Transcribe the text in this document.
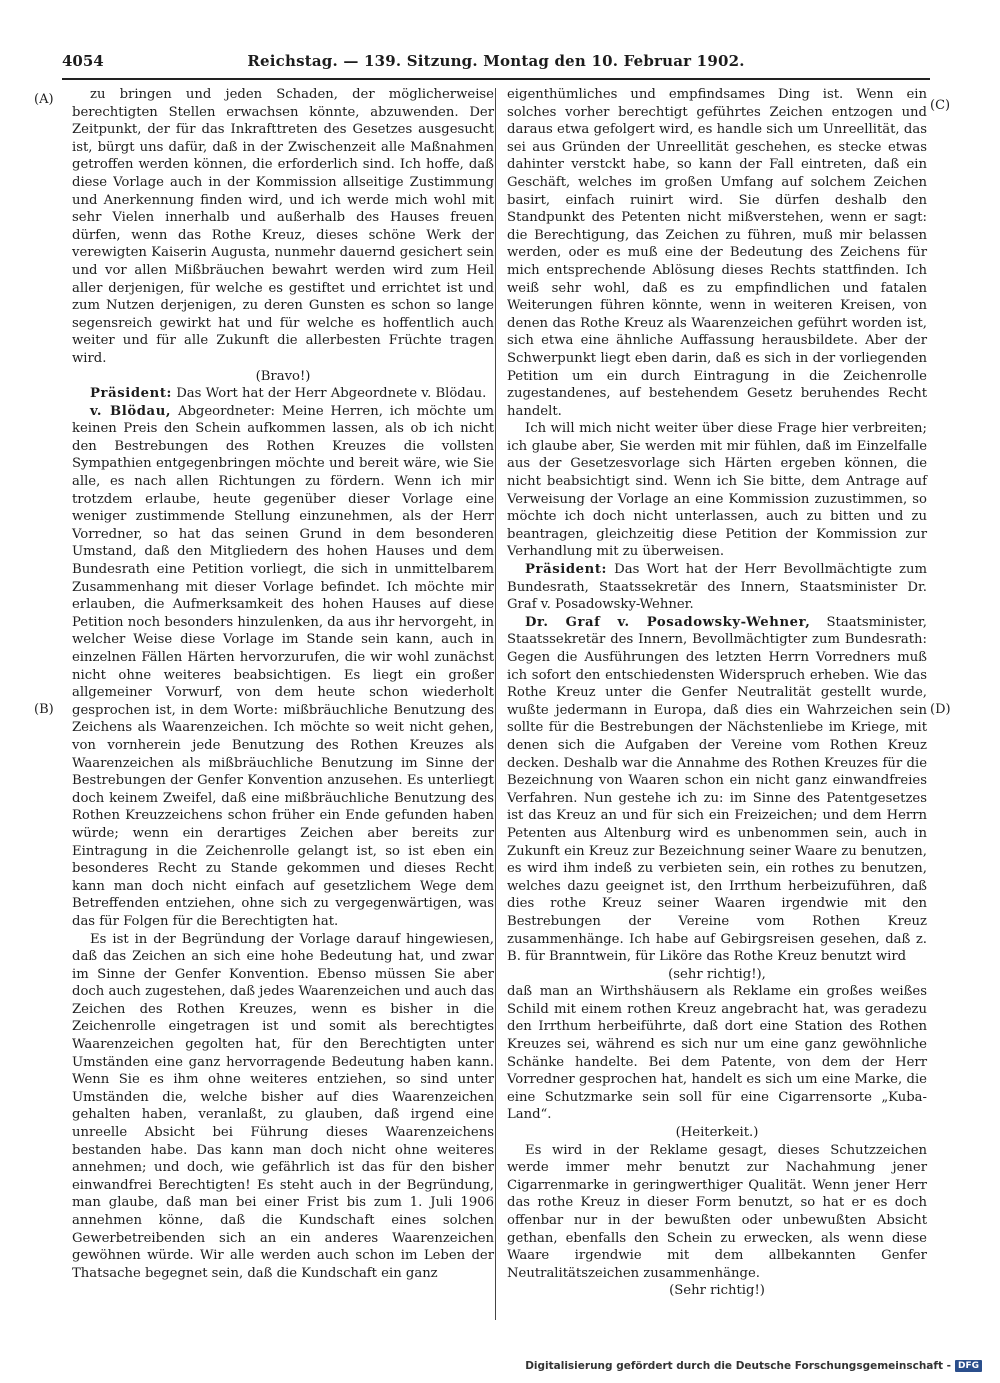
4054	Reichstag. — 139. Sitzung. Montag den 10. Februar 1902.
(A)
(B)
(C)
(D)

zu bringen und jeden Schaden, der möglicherweise berechtigten Stellen erwachsen könnte, abzuwenden. Der Zeitpunkt, der für das Inkrafttreten des Gesetzes ausgesucht ist, bürgt uns dafür, daß in der Zwischenzeit alle Maßnahmen getroffen werden können, die erforderlich sind. Ich hoffe, daß diese Vorlage auch in der Kommission allseitige Zustimmung und Anerkennung finden wird, und ich werde mich wohl mit sehr Vielen innerhalb und außerhalb des Hauses freuen dürfen, wenn das Rothe Kreuz, dieses schöne Werk der verewigten Kaiserin Augusta, nunmehr dauernd gesichert sein und vor allen Mißbräuchen bewahrt werden wird zum Heil aller derjenigen, für welche es gestiftet und errichtet ist und zum Nutzen derjenigen, zu deren Gunsten es schon so lange segensreich gewirkt hat und für welche es hoffentlich auch weiter und für alle Zukunft die allerbesten Früchte tragen wird.

(Bravo!)

Präsident: Das Wort hat der Herr Abgeordnete v. Blödau.

v. Blödau, Abgeordneter: Meine Herren, ich möchte um keinen Preis den Schein aufkommen lassen, als ob ich nicht den Bestrebungen des Rothen Kreuzes die vollsten Sympathien entgegenbringen möchte und bereit wäre, wie Sie alle, es nach allen Richtungen zu fördern. Wenn ich mir trotzdem erlaube, heute gegenüber dieser Vorlage eine weniger zustimmende Stellung einzunehmen, als der Herr Vorredner, so hat das seinen Grund in dem besonderen Umstand, daß den Mitgliedern des hohen Hauses und dem Bundesrath eine Petition vorliegt, die sich in unmittelbarem Zusammenhang mit dieser Vorlage befindet. Ich möchte mir erlauben, die Aufmerksamkeit des hohen Hauses auf diese Petition noch besonders hinzulenken, da aus ihr hervorgeht, in welcher Weise diese Vorlage im Stande sein kann, auch in einzelnen Fällen Härten hervorzurufen, die wir wohl zunächst nicht ohne weiteres beabsichtigen. Es liegt ein großer allgemeiner Vorwurf, von dem heute schon wiederholt gesprochen ist, in dem Worte: mißbräuchliche Benutzung des Zeichens als Waarenzeichen. Ich möchte so weit nicht gehen, von vornherein jede Benutzung des Rothen Kreuzes als Waarenzeichen als mißbräuchliche Benutzung im Sinne der Bestrebungen der Genfer Konvention anzusehen. Es unterliegt doch keinem Zweifel, daß eine mißbräuchliche Benutzung des Rothen Kreuzzeichens schon früher ein Ende gefunden haben würde; wenn ein derartiges Zeichen aber bereits zur Eintragung in die Zeichenrolle gelangt ist, so ist eben ein besonderes Recht zu Stande gekommen und dieses Recht kann man doch nicht einfach auf gesetzlichem Wege dem Betreffenden entziehen, ohne sich zu vergegenwärtigen, was das für Folgen für die Berechtigten hat.

Es ist in der Begründung der Vorlage darauf hingewiesen, daß das Zeichen an sich eine hohe Bedeutung hat, und zwar im Sinne der Genfer Konvention. Ebenso müssen Sie aber doch auch zugestehen, daß jedes Waarenzeichen und auch das Zeichen des Rothen Kreuzes, wenn es bisher in die Zeichenrolle eingetragen ist und somit als berechtigtes Waarenzeichen gegolten hat, für den Berechtigten unter Umständen eine ganz hervorragende Bedeutung haben kann. Wenn Sie es ihm ohne weiteres entziehen, so sind unter Umständen die, welche bisher auf dies Waarenzeichen gehalten haben, veranlaßt, zu glauben, daß irgend eine unreelle Absicht bei Führung dieses Waarenzeichens bestanden habe. Das kann man doch nicht ohne weiteres annehmen; und doch, wie gefährlich ist das für den bisher einwandfrei Berechtigten! Es steht auch in der Begründung, man glaube, daß man bei einer Frist bis zum 1. Juli 1906 annehmen könne, daß die Kundschaft eines solchen Gewerbetreibenden sich an ein anderes Waarenzeichen gewöhnen würde. Wir alle werden auch schon im Leben der Thatsache begegnet sein, daß die Kundschaft ein ganz

eigenthümliches und empfindsames Ding ist. Wenn ein solches vorher berechtigt geführtes Zeichen entzogen und daraus etwa gefolgert wird, es handle sich um Unreellität, das sei aus Gründen der Unreellität geschehen, es stecke etwas dahinter verstckt habe, so kann der Fall eintreten, daß ein Geschäft, welches im großen Umfang auf solchem Zeichen basirt, einfach ruinirt wird. Sie dürfen deshalb den Standpunkt des Petenten nicht mißverstehen, wenn er sagt: die Berechtigung, das Zeichen zu führen, muß mir belassen werden, oder es muß eine der Bedeutung des Zeichens für mich entsprechende Ablösung dieses Rechts stattfinden. Ich weiß sehr wohl, daß es zu empfindlichen und fatalen Weiterungen führen könnte, wenn in weiteren Kreisen, von denen das Rothe Kreuz als Waarenzeichen geführt worden ist, sich etwa eine ähnliche Auffassung herausbildete. Aber der Schwerpunkt liegt eben darin, daß es sich in der vorliegenden Petition um ein durch Eintragung in die Zeichenrolle zugestandenes, auf bestehendem Gesetz beruhendes Recht handelt.

Ich will mich nicht weiter über diese Frage hier verbreiten; ich glaube aber, Sie werden mit mir fühlen, daß im Einzelfalle aus der Gesetzesvorlage sich Härten ergeben können, die nicht beabsichtigt sind. Wenn ich Sie bitte, dem Antrage auf Verweisung der Vorlage an eine Kommission zuzustimmen, so möchte ich doch nicht unterlassen, auch zu bitten und zu beantragen, gleichzeitig diese Petition der Kommission zur Verhandlung mit zu überweisen.

Präsident: Das Wort hat der Herr Bevollmächtigte zum Bundesrath, Staatssekretär des Innern, Staatsminister Dr. Graf v. Posadowsky-Wehner.

Dr. Graf v. Posadowsky-Wehner, Staatsminister, Staatssekretär des Innern, Bevollmächtigter zum Bundesrath: Gegen die Ausführungen des letzten Herrn Vorredners muß ich sofort den entschiedensten Widerspruch erheben. Wie das Rothe Kreuz unter die Genfer Neutralität gestellt wurde, wußte jedermann in Europa, daß dies ein Wahrzeichen sein sollte für die Bestrebungen der Nächstenliebe im Kriege, mit denen sich die Aufgaben der Vereine vom Rothen Kreuz decken. Deshalb war die Annahme des Rothen Kreuzes für die Bezeichnung von Waaren schon ein nicht ganz einwandfreies Verfahren. Nun gestehe ich zu: im Sinne des Patentgesetzes ist das Kreuz an und für sich ein Freizeichen; und dem Herrn Petenten aus Altenburg wird es unbenommen sein, auch in Zukunft ein Kreuz zur Bezeichnung seiner Waare zu benutzen, es wird ihm indeß zu verbieten sein, ein rothes zu benutzen, welches dazu geeignet ist, den Irrthum herbeizuführen, daß dies rothe Kreuz seiner Waaren irgendwie mit den Bestrebungen der Vereine vom Rothen Kreuz zusammenhänge. Ich habe auf Gebirgsreisen gesehen, daß z. B. für Branntwein, für Liköre das Rothe Kreuz benutzt wird

(sehr richtig!),

daß man an Wirthshäusern als Reklame ein großes weißes Schild mit einem rothen Kreuz angebracht hat, was geradezu den Irrthum herbeiführte, daß dort eine Station des Rothen Kreuzes sei, während es sich nur um eine ganz gewöhnliche Schänke handelte. Bei dem Patente, von dem der Herr Vorredner gesprochen hat, handelt es sich um eine Marke, die eine Schutzmarke sein soll für eine Cigarrensorte „Kuba-Land“.

(Heiterkeit.)

Es wird in der Reklame gesagt, dieses Schutzzeichen werde immer mehr benutzt zur Nachahmung jener Cigarrenmarke in geringwerthiger Qualität. Wenn jener Herr das rothe Kreuz in dieser Form benutzt, so hat er es doch offenbar nur in der bewußten oder unbewußten Absicht gethan, ebenfalls den Schein zu erwecken, als wenn diese Waare irgendwie mit dem allbekannten Genfer Neutralitätszeichen zusammenhänge.

(Sehr richtig!)

Digitalisierung gefördert durch die Deutsche Forschungsgemeinschaft - DFG
